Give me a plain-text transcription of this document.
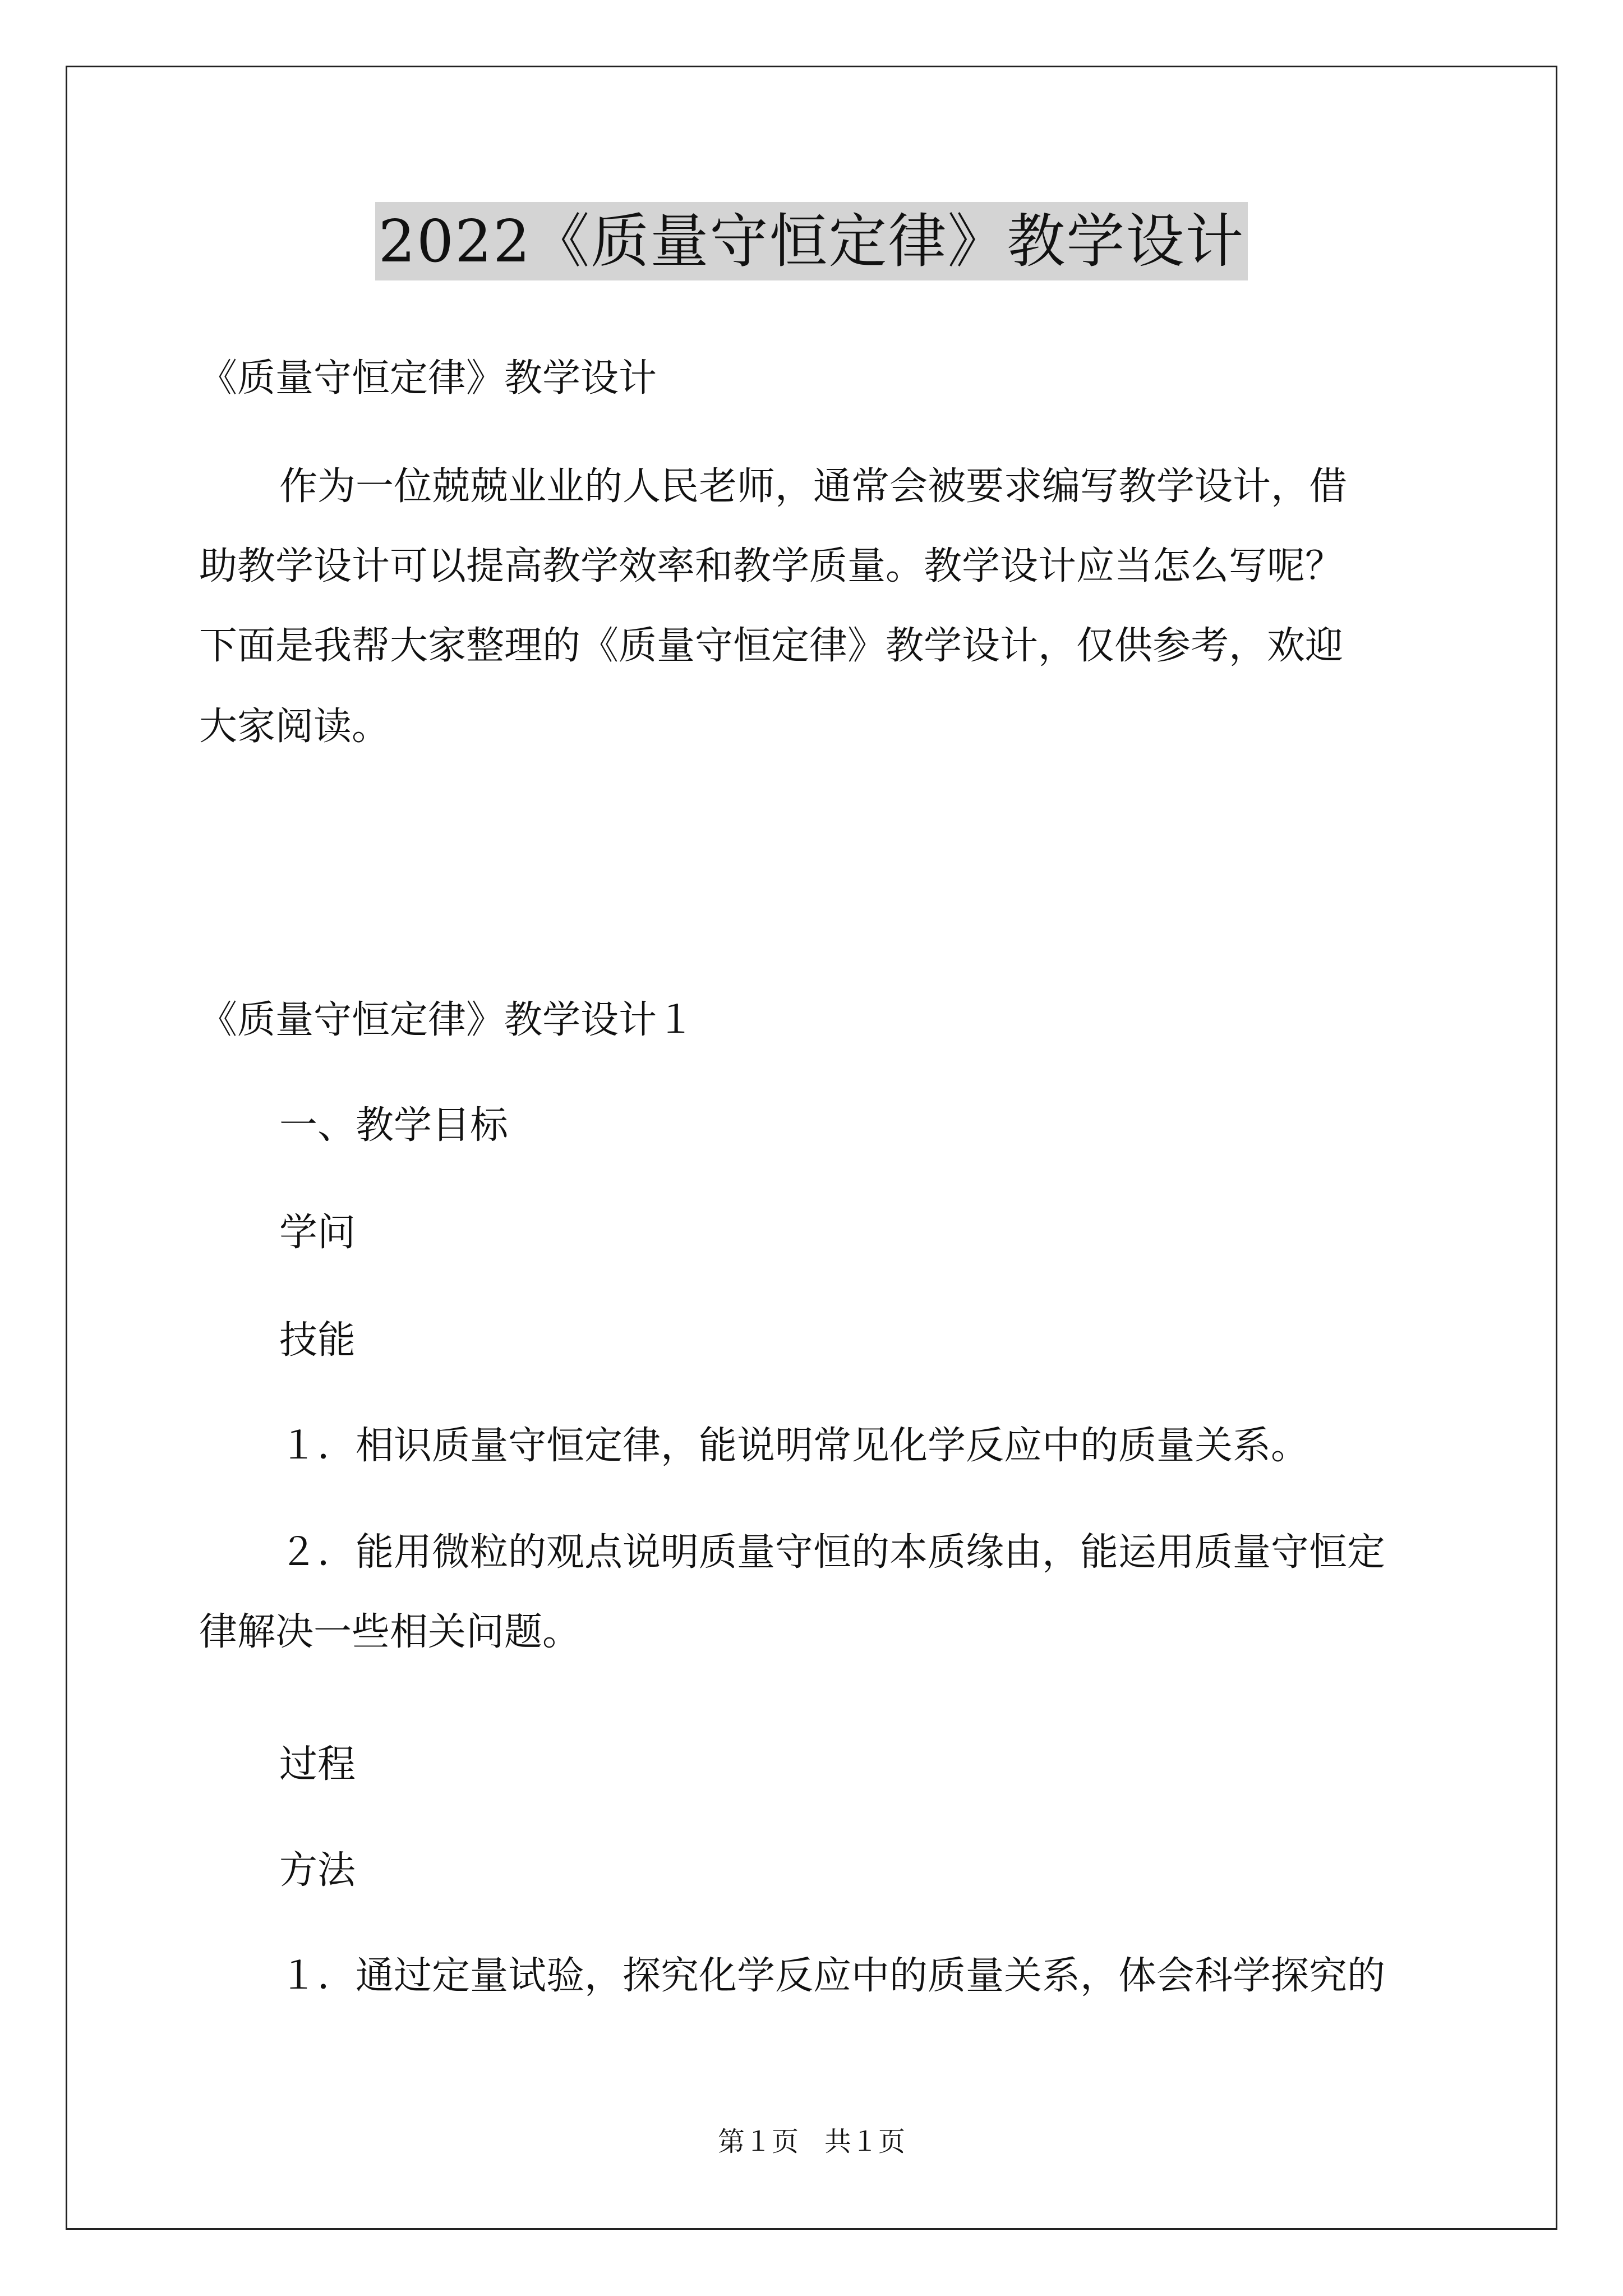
2022《质量守恒定律》教学设计
《质量守恒定律》教学设计
作为一位兢兢业业的人民老师，通常会被要求编写教学设计，借
助教学设计可以提高教学效率和教学质量。教学设计应当怎么写呢？
下面是我帮大家整理的《质量守恒定律》教学设计，仅供参考，欢迎
大家阅读。
《质量守恒定律》教学设计１
一、教学目标
学问
技能
１．相识质量守恒定律，能说明常见化学反应中的质量关系。
２．能用微粒的观点说明质量守恒的本质缘由，能运用质量守恒定
律解决一些相关问题。
过程
方法
１．通过定量试验，探究化学反应中的质量关系，体会科学探究的
第１页 共１页
